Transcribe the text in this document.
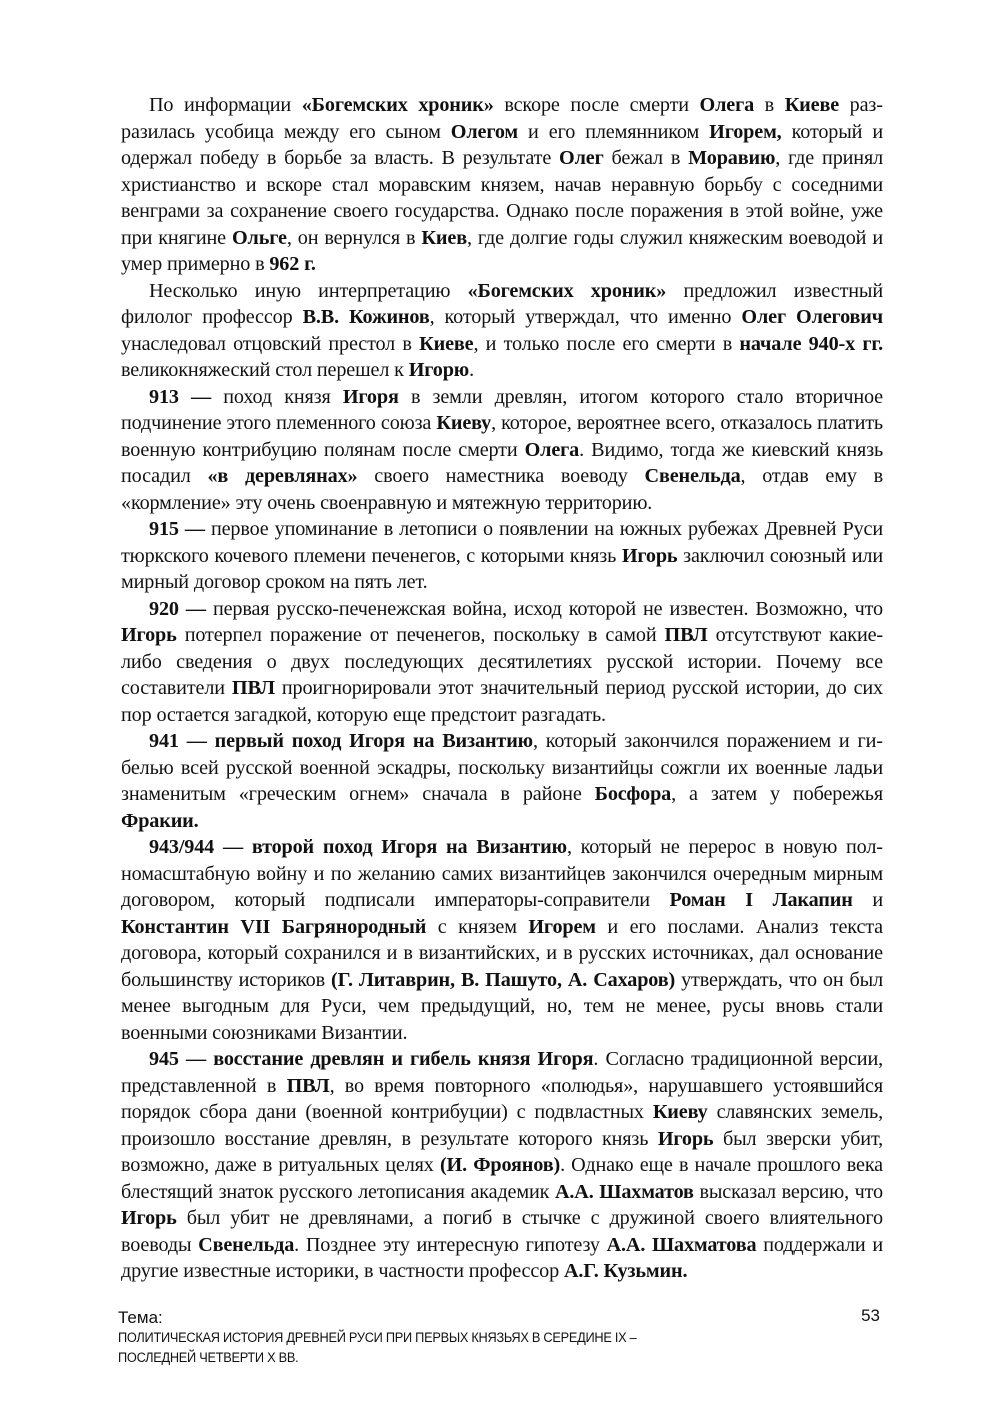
По информации «Богемских хроник» вскоре после смерти Олега в Киеве разразилась усобица между его сыном Олегом и его племянником Игорем, который и одержал победу в борьбе за власть. В результате Олег бежал в Моравию, где принял христианство и вскоре стал моравским князем, начав неравную борьбу с соседними венграми за сохранение своего государства. Однако после поражения в этой войне, уже при княгине Ольге, он вернулся в Киев, где долгие годы служил княжеским воеводой и умер примерно в 962 г.

Несколько иную интерпретацию «Богемских хроник» предложил известный филолог профессор В.В. Кожинов, который утверждал, что именно Олег Олегович унаследовал отцовский престол в Киеве, и только после его смерти в начале 940-х гг. великокняжеский стол перешел к Игорю.

913 — поход князя Игоря в земли древлян, итогом которого стало вторичное подчинение этого племенного союза Киеву, которое, вероятнее всего, отказалось платить военную контрибуцию полянам после смерти Олега. Видимо, тогда же киевский князь посадил «в деревлянах» своего наместника воеводу Свенельда, отдав ему в «кормление» эту очень своенравную и мятежную территорию.

915 — первое упоминание в летописи о появлении на южных рубежах Древней Руси тюркского кочевого племени печенегов, с которыми князь Игорь заключил союзный или мирный договор сроком на пять лет.

920 — первая русско-печенежская война, исход которой не известен. Возможно, что Игорь потерпел поражение от печенегов, поскольку в самой ПВЛ отсутствуют какие-либо сведения о двух последующих десятилетиях русской истории. Почему все составители ПВЛ проигнорировали этот значительный период русской истории, до сих пор остается загадкой, которую еще предстоит разгадать.

941 — первый поход Игоря на Византию, который закончился поражением и гибелью всей русской военной эскадры, поскольку византийцы сожгли их военные ладьи знаменитым «греческим огнем» сначала в районе Босфора, а затем у побережья Фракии.

943/944 — второй поход Игоря на Византию, который не перерос в новую полномасштабную войну и по желанию самих византийцев закончился очередным мирным договором, который подписали императоры-соправители Роман I Лакапин и Константин VII Багрянородный с князем Игорем и его послами. Анализ текста договора, который сохранился и в византийских, и в русских источниках, дал основание большинству историков (Г. Литаврин, В. Пашуто, А. Сахаров) утверждать, что он был менее выгодным для Руси, чем предыдущий, но, тем не менее, русы вновь стали военными союзниками Византии.

945 — восстание древлян и гибель князя Игоря. Согласно традиционной версии, представленной в ПВЛ, во время повторного «полюдья», нарушавшего устоявшийся порядок сбора дани (военной контрибуции) с подвластных Киеву славянских земель, произошло восстание древлян, в результате которого князь Игорь был зверски убит, возможно, даже в ритуальных целях (И. Фроянов). Однако еще в начале прошлого века блестящий знаток русского летописания академик А.А. Шахматов высказал версию, что Игорь был убит не древлянами, а погиб в стычке с дружиной своего влиятельного воеводы Свенельда. Позднее эту интересную гипотезу А.А. Шахматова поддержали и другие известные историки, в частности профессор А.Г. Кузьмин.

Тема:
ПОЛИТИЧЕСКАЯ ИСТОРИЯ ДРЕВНЕЙ РУСИ ПРИ ПЕРВЫХ КНЯЗЬЯХ В СЕРЕДИНЕ IX –
ПОСЛЕДНЕЙ ЧЕТВЕРТИ X ВВ.
53
